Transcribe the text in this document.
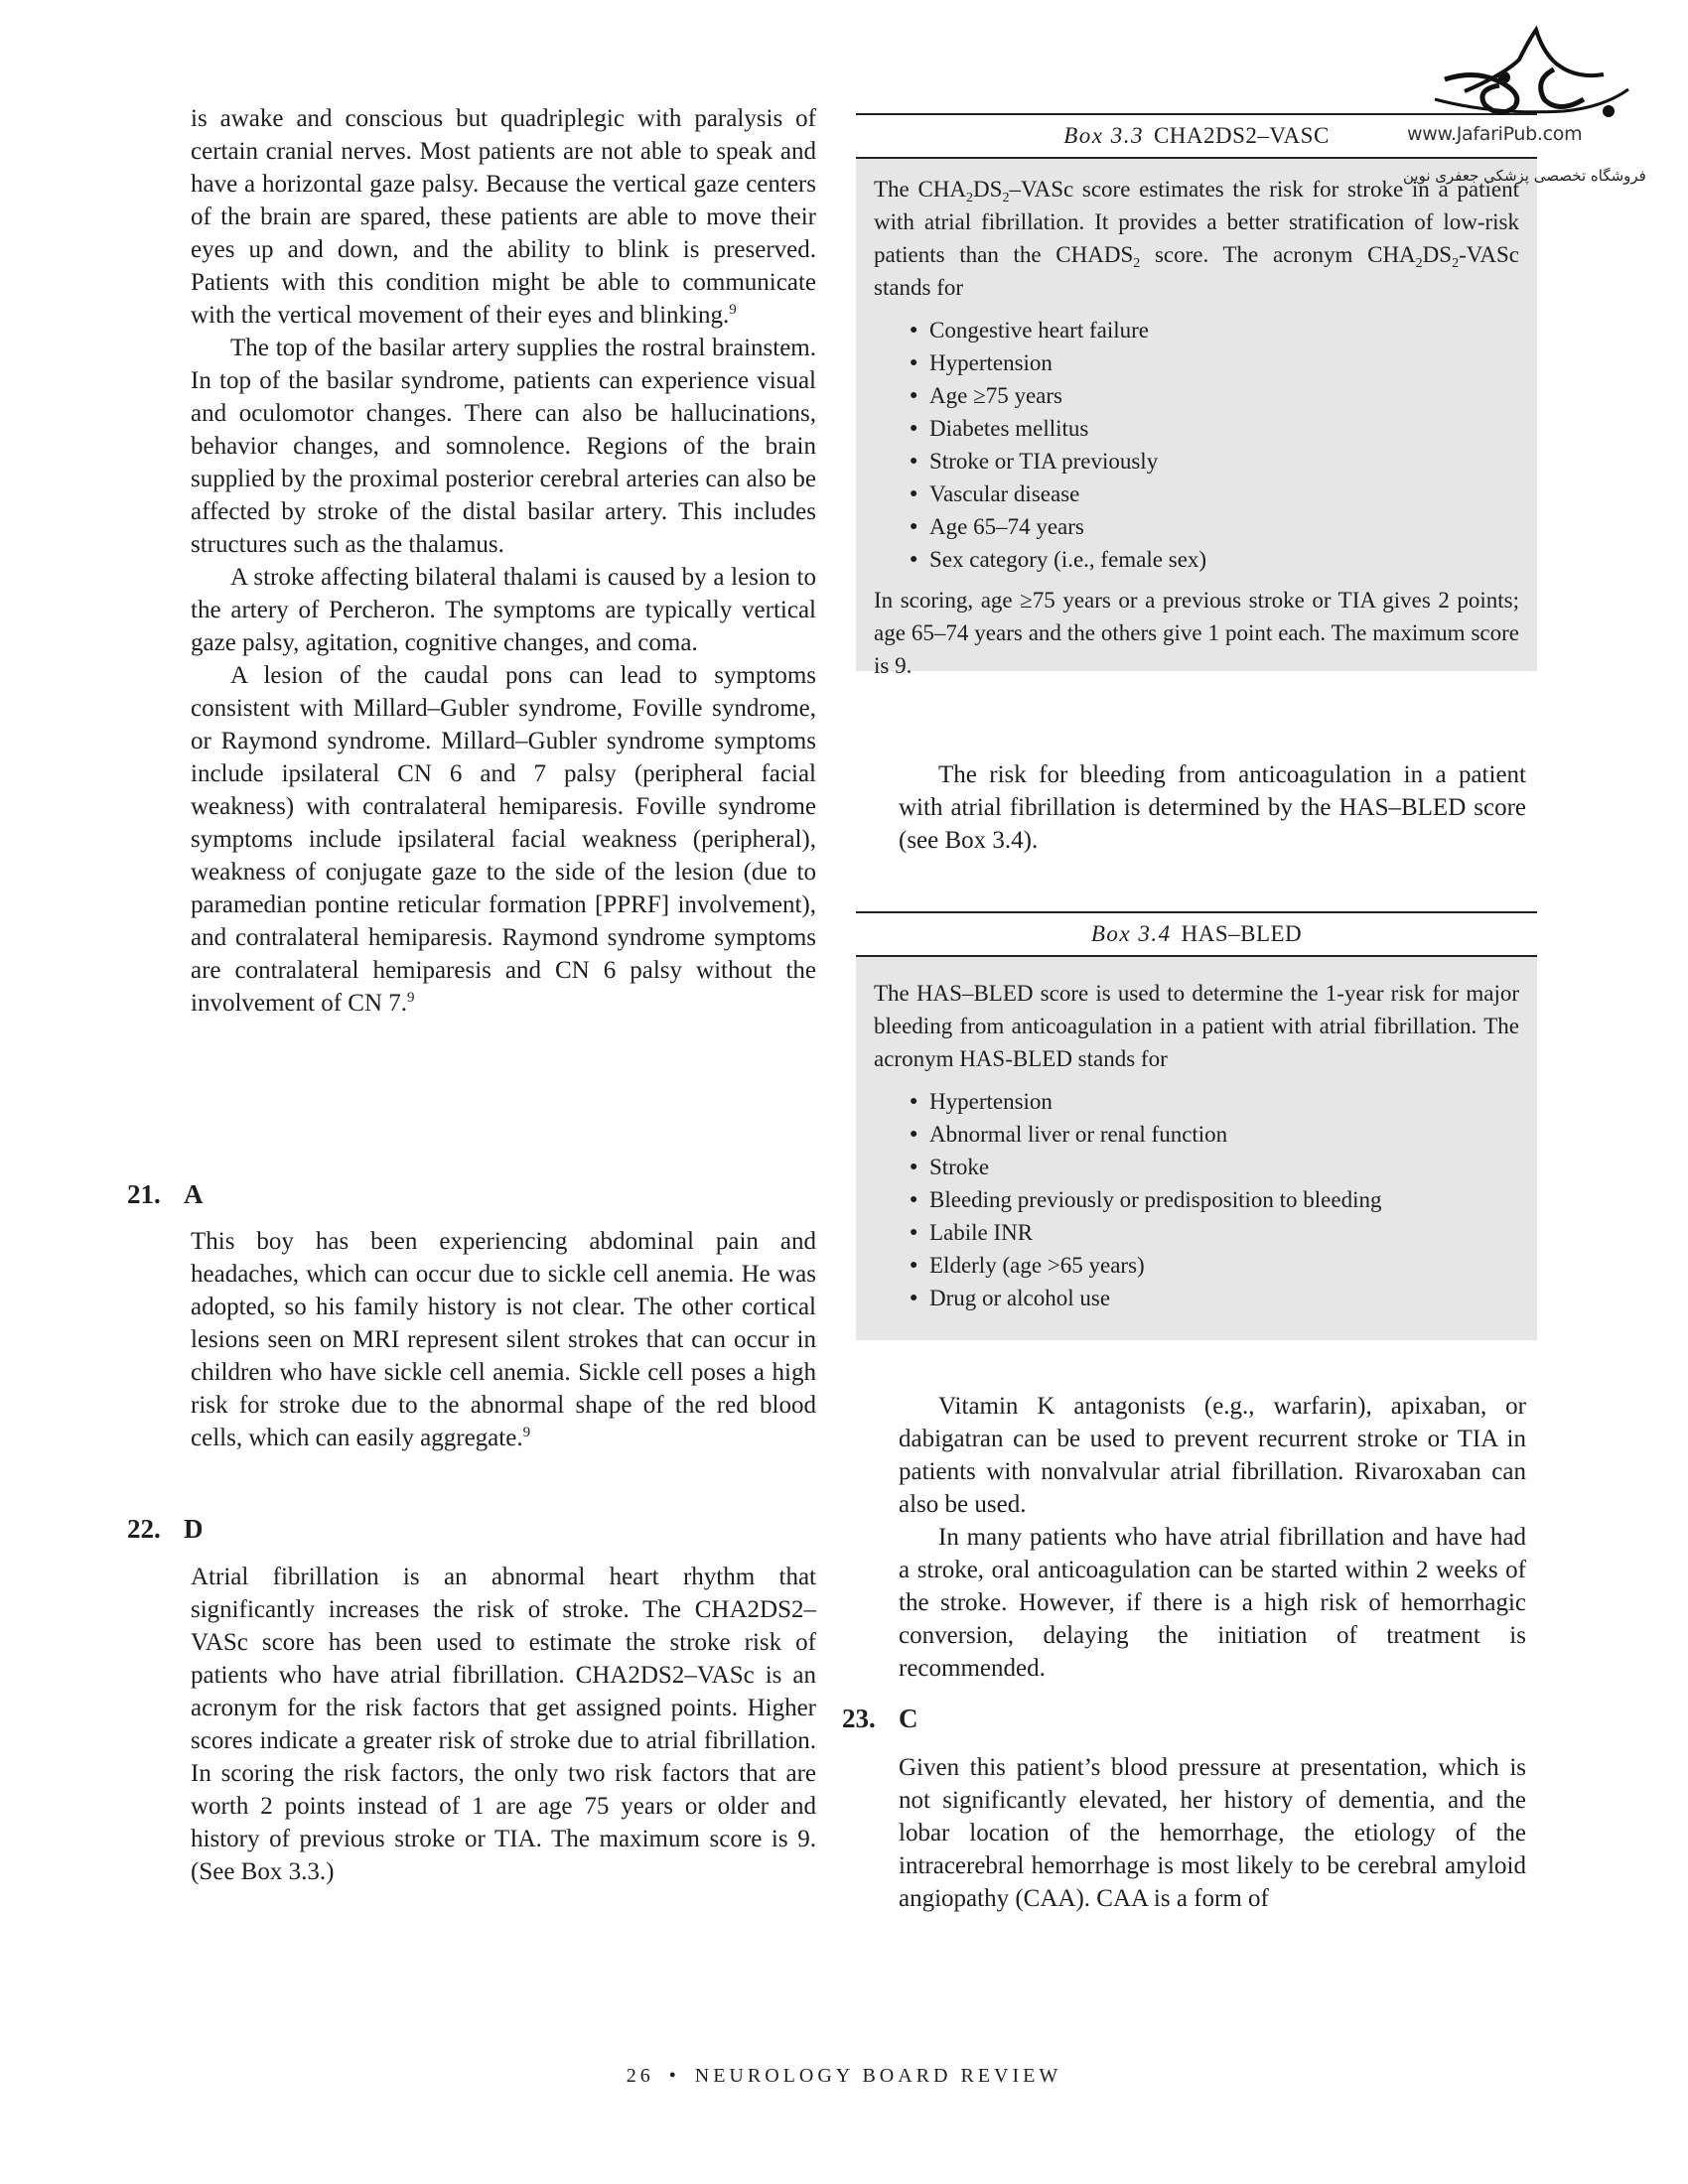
is awake and conscious but quadriplegic with paralysis of certain cranial nerves. Most patients are not able to speak and have a horizontal gaze palsy. Because the vertical gaze centers of the brain are spared, these patients are able to move their eyes up and down, and the ability to blink is preserved. Patients with this condition might be able to communicate with the vertical movement of their eyes and blinking.$^9$

The top of the basilar artery supplies the rostral brainstem. In top of the basilar syndrome, patients can experience visual and oculomotor changes. There can also be hallucinations, behavior changes, and somnolence. Regions of the brain supplied by the proximal posterior cerebral arteries can also be affected by stroke of the distal basilar artery. This includes structures such as the thalamus.

A stroke affecting bilateral thalami is caused by a lesion to the artery of Percheron. The symptoms are typically vertical gaze palsy, agitation, cognitive changes, and coma.

A lesion of the caudal pons can lead to symptoms consistent with Millard–Gubler syndrome, Foville syndrome, or Raymond syndrome. Millard–Gubler syndrome symptoms include ipsilateral CN 6 and 7 palsy (peripheral facial weakness) with contralateral hemiparesis. Foville syndrome symptoms include ipsilateral facial weakness (peripheral), weakness of conjugate gaze to the side of the lesion (due to paramedian pontine reticular formation [PPRF] involvement), and contralateral hemiparesis. Raymond syndrome symptoms are contralateral hemiparesis and CN 6 palsy without the involvement of CN 7.$^9$

21. A

This boy has been experiencing abdominal pain and headaches, which can occur due to sickle cell anemia. He was adopted, so his family history is not clear. The other cortical lesions seen on MRI represent silent strokes that can occur in children who have sickle cell anemia. Sickle cell poses a high risk for stroke due to the abnormal shape of the red blood cells, which can easily aggregate.$^9$

22. D

Atrial fibrillation is an abnormal heart rhythm that significantly increases the risk of stroke. The CHA2DS2–VASc score has been used to estimate the stroke risk of patients who have atrial fibrillation. CHA2DS2–VASc is an acronym for the risk factors that get assigned points. Higher scores indicate a greater risk of stroke due to atrial fibrillation. In scoring the risk factors, the only two risk factors that are worth 2 points instead of 1 are age 75 years or older and history of previous stroke or TIA. The maximum score is 9. (See Box 3.3.)

Box 3.3 CHA2DS2–VASC

The $CHA_2DS_2$–VASc score estimates the risk for stroke in a patient with atrial fibrillation. It provides a better stratification of low-risk patients than the $CHADS_2$ score. The acronym $CHA_2DS_2$-VASc stands for

● Congestive heart failure
● Hypertension
● Age ≥75 years
● Diabetes mellitus
● Stroke or TIA previously
● Vascular disease
● Age 65–74 years
● Sex category (i.e., female sex)

In scoring, age ≥75 years or a previous stroke or TIA gives 2 points; age 65–74 years and the others give 1 point each. The maximum score is 9.

The risk for bleeding from anticoagulation in a patient with atrial fibrillation is determined by the HAS–BLED score (see Box 3.4).

Box 3.4 HAS–BLED

The HAS–BLED score is used to determine the 1-year risk for major bleeding from anticoagulation in a patient with atrial fibrillation. The acronym HAS-BLED stands for

● Hypertension
● Abnormal liver or renal function
● Stroke
● Bleeding previously or predisposition to bleeding
● Labile INR
● Elderly (age >65 years)
● Drug or alcohol use

Vitamin K antagonists (e.g., warfarin), apixaban, or dabigatran can be used to prevent recurrent stroke or TIA in patients with nonvalvular atrial fibrillation. Rivaroxaban can also be used.

In many patients who have atrial fibrillation and have had a stroke, oral anticoagulation can be started within 2 weeks of the stroke. However, if there is a high risk of hemorrhagic conversion, delaying the initiation of treatment is recommended.

23. C

Given this patient’s blood pressure at presentation, which is not significantly elevated, her history of dementia, and the lobar location of the hemorrhage, the etiology of the intracerebral hemorrhage is most likely to be cerebral amyloid angiopathy (CAA). CAA is a form of

26 • NEUROLOGY BOARD REVIEW
www.JafariPub.com
فروشگاه تخصصی پزشکی جعفری نوین
